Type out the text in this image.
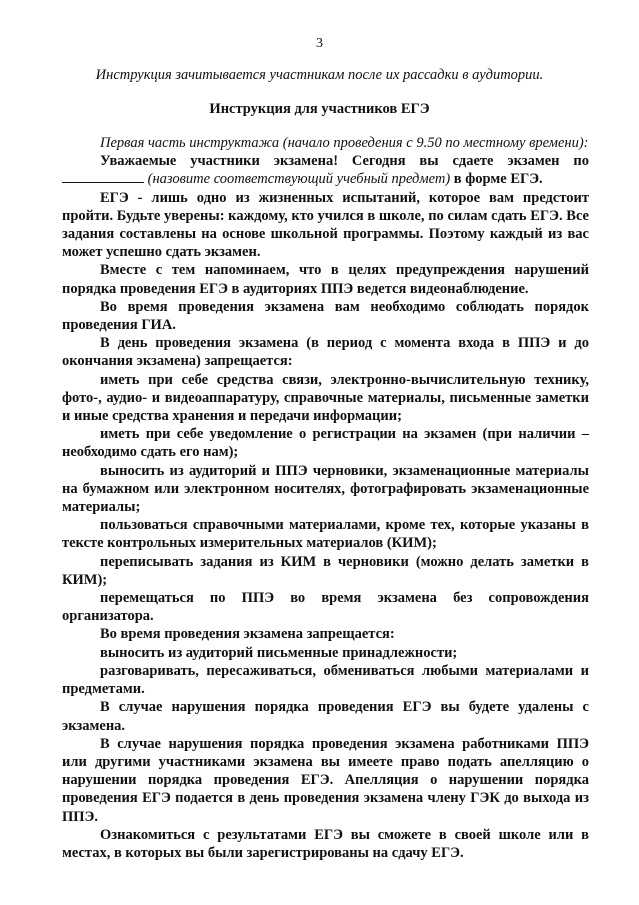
3
Инструкция зачитывается участникам после их рассадки в аудитории.
Инструкция для участников ЕГЭ

Первая часть инструктажа (начало проведения с 9.50 по местному времени):

Уважаемые участники экзамена! Сегодня вы сдаете экзамен по  (назовите соответствующий учебный предмет) в форме ЕГЭ.

ЕГЭ - лишь одно из жизненных испытаний, которое вам предстоит пройти. Будьте уверены: каждому, кто учился в школе, по силам сдать ЕГЭ. Все задания составлены на основе школьной программы. Поэтому каждый из вас может успешно сдать экзамен.

Вместе с тем напоминаем, что в целях предупреждения нарушений порядка проведения ЕГЭ в аудиториях ППЭ ведется видеонаблюдение.

Во время проведения экзамена вам необходимо соблюдать порядок проведения ГИА.

В день проведения экзамена (в период с момента входа в ППЭ и до окончания экзамена) запрещается:

иметь при себе средства связи, электронно-вычислительную технику, фото-, аудио- и видеоаппаратуру, справочные материалы, письменные заметки и иные средства хранения и передачи информации;

иметь при себе уведомление о регистрации на экзамен (при наличии – необходимо сдать его нам);

выносить из аудиторий и ППЭ черновики, экзаменационные материалы на бумажном или электронном носителях, фотографировать экзаменационные материалы;

пользоваться справочными материалами, кроме тех, которые указаны в тексте контрольных измерительных материалов (КИМ);

переписывать задания из КИМ в черновики (можно делать заметки в КИМ);

перемещаться по ППЭ во время экзамена без сопровождения организатора.

Во время проведения экзамена запрещается:

выносить из аудиторий письменные принадлежности;

разговаривать, пересаживаться, обмениваться любыми материалами и предметами.

В случае нарушения порядка проведения ЕГЭ вы будете удалены с экзамена.

В случае нарушения порядка проведения экзамена работниками ППЭ или другими участниками экзамена вы имеете право подать апелляцию о нарушении порядка проведения ЕГЭ. Апелляция о нарушении порядка проведения ЕГЭ подается в день проведения экзамена члену ГЭК до выхода из ППЭ.

Ознакомиться с результатами ЕГЭ вы сможете в своей школе или в местах, в которых вы были зарегистрированы на сдачу ЕГЭ.
